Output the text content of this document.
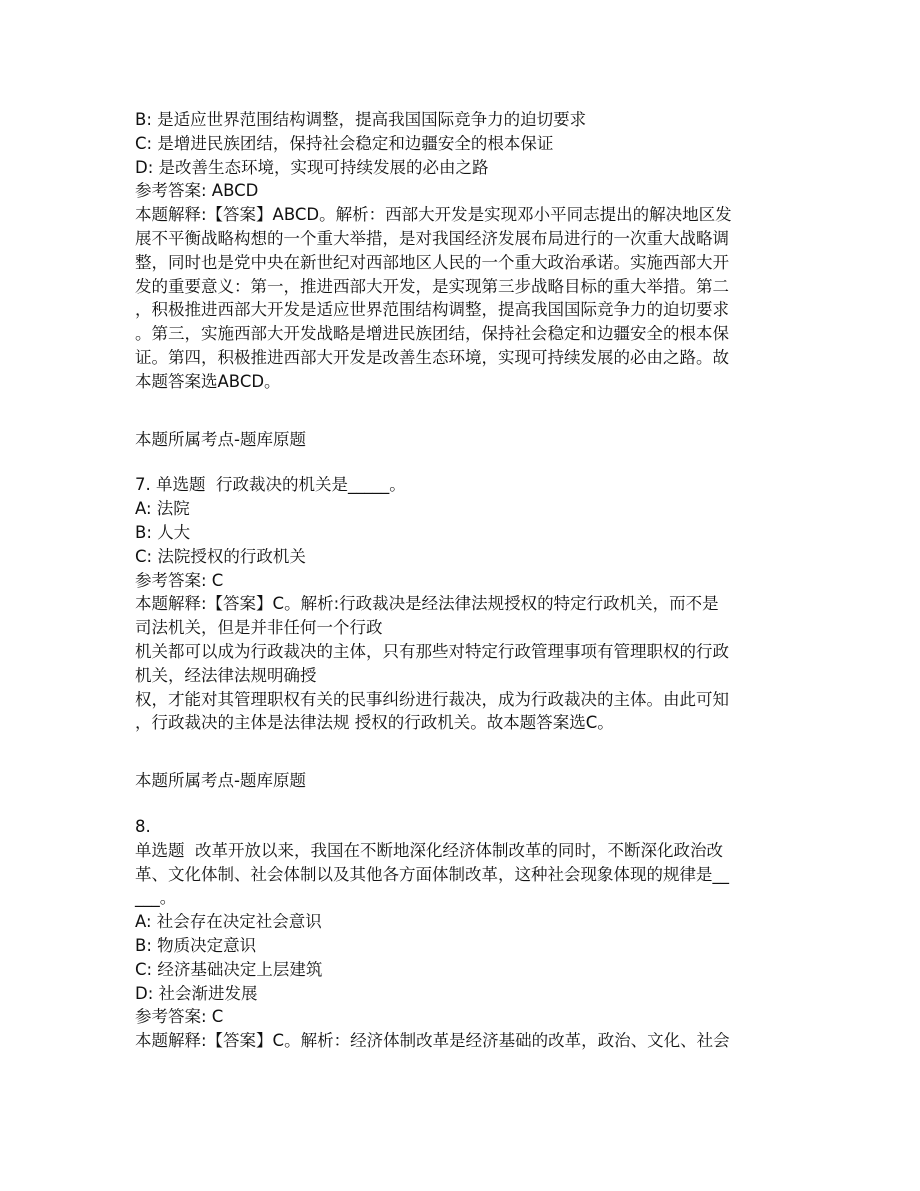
B: 是适应世界范围结构调整，提高我国国际竞争力的迫切要求
C: 是增进民族团结，保持社会稳定和边疆安全的根本保证
D: 是改善生态环境，实现可持续发展的必由之路
参考答案: ABCD
本题解释:【答案】ABCD。解析：西部大开发是实现邓小平同志提出的解决地区发
展不平衡战略构想的一个重大举措，是对我国经济发展布局进行的一次重大战略调
整，同时也是党中央在新世纪对西部地区人民的一个重大政治承诺。实施西部大开
发的重要意义：第一，推进西部大开发，是实现第三步战略目标的重大举措。第二
，积极推进西部大开发是适应世界范围结构调整，提高我国国际竞争力的迫切要求
。第三，实施西部大开发战略是增进民族团结，保持社会稳定和边疆安全的根本保
证。第四，积极推进西部大开发是改善生态环境，实现可持续发展的必由之路。故
本题答案选ABCD。
本题所属考点-题库原题
7. 单选题  行政裁决的机关是_____。
A: 法院
B: 人大
C: 法院授权的行政机关
参考答案: C
本题解释:【答案】C。解析:行政裁决是经法律法规授权的特定行政机关，而不是
司法机关，但是并非任何一个行政
机关都可以成为行政裁决的主体，只有那些对特定行政管理事项有管理职权的行政
机关，经法律法规明确授
权，才能对其管理职权有关的民事纠纷进行裁决，成为行政裁决的主体。由此可知
，行政裁决的主体是法律法规 授权的行政机关。故本题答案选C。
本题所属考点-题库原题
8.
单选题  改革开放以来，我国在不断地深化经济体制改革的同时，不断深化政治改
革、文化体制、社会体制以及其他各方面体制改革，这种社会现象体现的规律是__
___。
A: 社会存在决定社会意识
B: 物质决定意识
C: 经济基础决定上层建筑
D: 社会渐进发展
参考答案: C
本题解释:【答案】C。解析：经济体制改革是经济基础的改革，政治、文化、社会
